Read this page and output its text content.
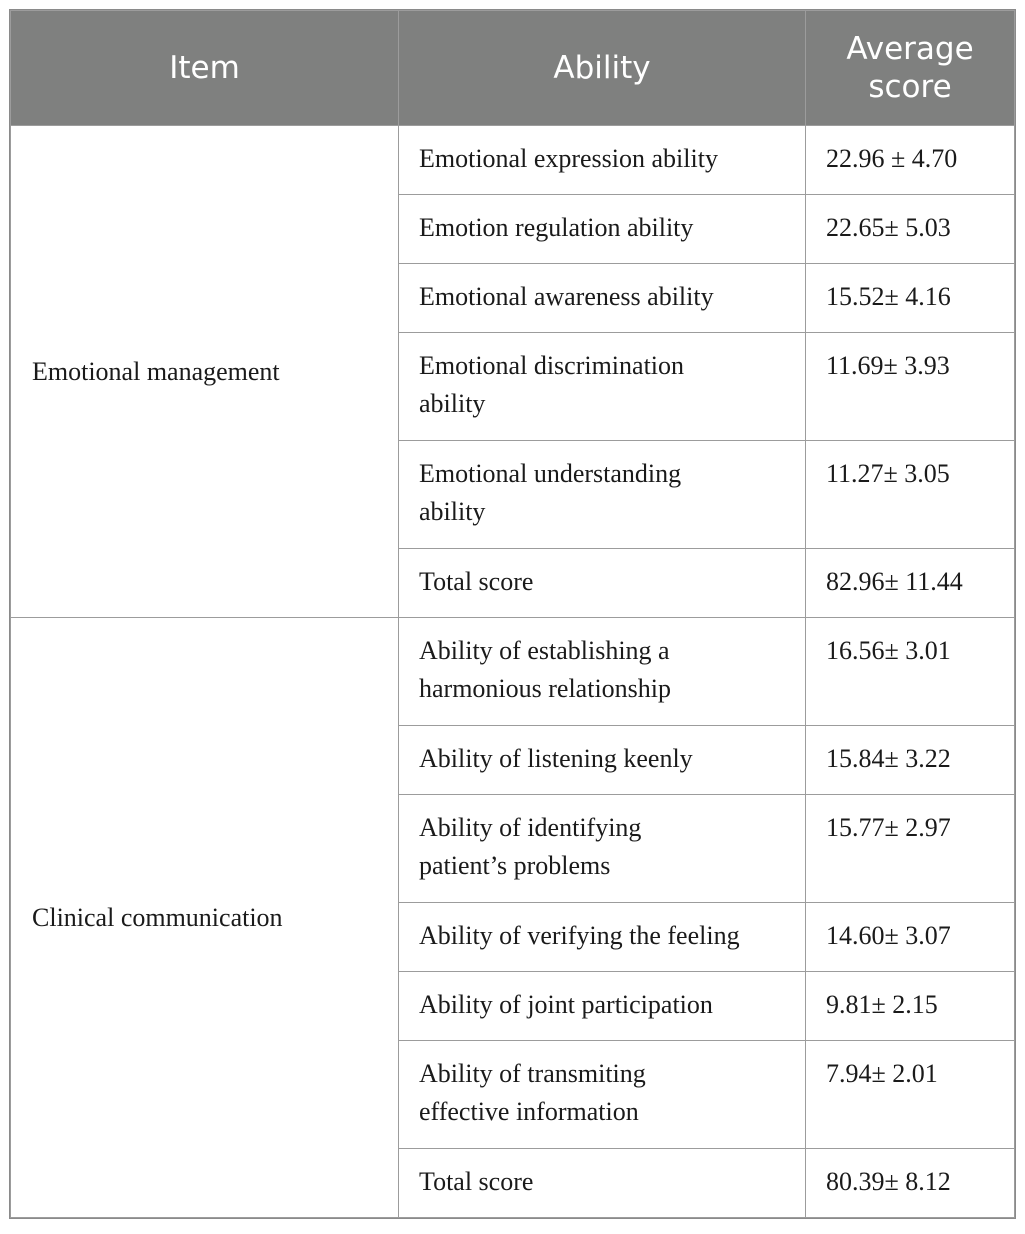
Item	Ability	Average score
Emotional management	Emotional expression ability	22.96 ± 4.70
	Emotion regulation ability	22.65± 5.03
	Emotional awareness ability	15.52± 4.16
	Emotional discrimination ability	11.69± 3.93
	Emotional understanding ability	11.27± 3.05
	Total score	82.96± 11.44
Clinical communication	Ability of establishing a harmonious relationship	16.56± 3.01
	Ability of listening keenly	15.84± 3.22
	Ability of identifying patient’s problems	15.77± 2.97
	Ability of verifying the feeling	14.60± 3.07
	Ability of joint participation	9.81± 2.15
	Ability of transmiting effective information	7.94± 2.01
	Total score	80.39± 8.12
